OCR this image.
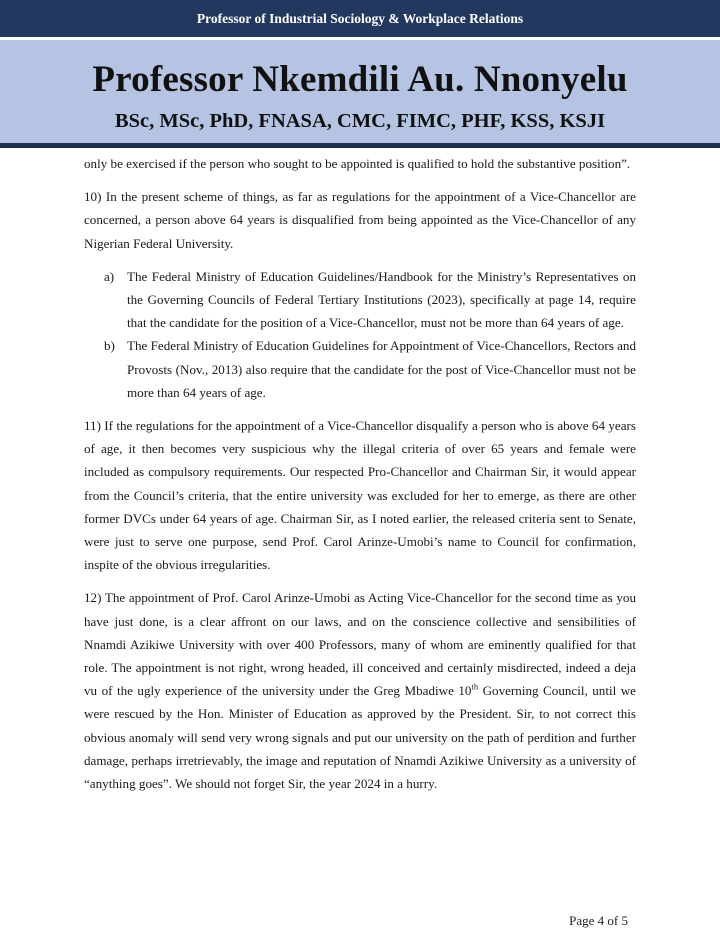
Professor of Industrial Sociology & Workplace Relations
Professor Nkemdili Au. Nnonyelu
BSc, MSc, PhD, FNASA, CMC, FIMC, PHF, KSS, KSJI

only be exercised if the person who sought to be appointed is qualified to hold the substantive position”.

10) In the present scheme of things, as far as regulations for the appointment of a Vice-Chancellor are concerned, a person above 64 years is disqualified from being appointed as the Vice-Chancellor of any Nigerian Federal University.

a) The Federal Ministry of Education Guidelines/Handbook for the Ministry’s Representatives on the Governing Councils of Federal Tertiary Institutions (2023), specifically at page 14, require that the candidate for the position of a Vice-Chancellor, must not be more than 64 years of age.
b) The Federal Ministry of Education Guidelines for Appointment of Vice-Chancellors, Rectors and Provosts (Nov., 2013) also require that the candidate for the post of Vice-Chancellor must not be more than 64 years of age.

11) If the regulations for the appointment of a Vice-Chancellor disqualify a person who is above 64 years of age, it then becomes very suspicious why the illegal criteria of over 65 years and female were included as compulsory requirements. Our respected Pro-Chancellor and Chairman Sir, it would appear from the Council’s criteria, that the entire university was excluded for her to emerge, as there are other former DVCs under 64 years of age. Chairman Sir, as I noted earlier, the released criteria sent to Senate, were just to serve one purpose, send Prof. Carol Arinze-Umobi’s name to Council for confirmation, inspite of the obvious irregularities.

12) The appointment of Prof. Carol Arinze-Umobi as Acting Vice-Chancellor for the second time as you have just done, is a clear affront on our laws, and on the conscience collective and sensibilities of Nnamdi Azikiwe University with over 400 Professors, many of whom are eminently qualified for that role. The appointment is not right, wrong headed, ill conceived and certainly misdirected, indeed a deja vu of the ugly experience of the university under the Greg Mbadiwe 10th Governing Council, until we were rescued by the Hon. Minister of Education as approved by the President. Sir, to not correct this obvious anomaly will send very wrong signals and put our university on the path of perdition and further damage, perhaps irretrievably, the image and reputation of Nnamdi Azikiwe University as a university of “anything goes”. We should not forget Sir, the year 2024 in a hurry.

Page 4 of 5
